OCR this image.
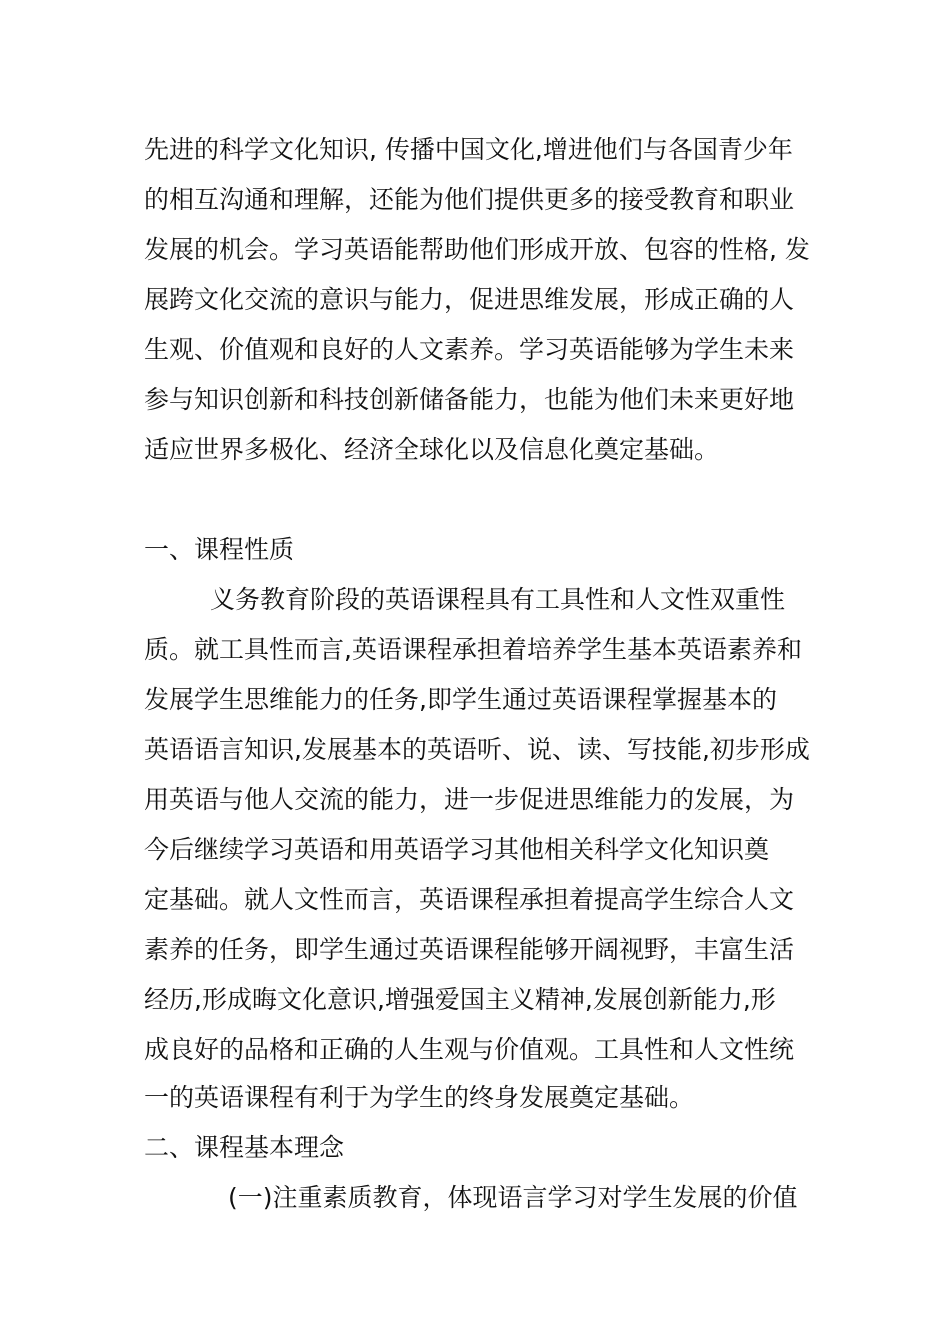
先进的科学文化知识, 传播中国文化,增进他们与各国青少年
的相互沟通和理解，还能为他们提供更多的接受教育和职业
发展的机会。学习英语能帮助他们形成开放、包容的性格, 发
展跨文化交流的意识与能力，促进思维发展，形成正确的人
生观、价值观和良好的人文素养。学习英语能够为学生未来
参与知识创新和科技创新储备能力，也能为他们未来更好地
适应世界多极化、经济全球化以及信息化奠定基础。
一、课程性质
义务教育阶段的英语课程具有工具性和人文性双重性
质。就工具性而言,英语课程承担着培养学生基本英语素养和
发展学生思维能力的任务,即学生通过英语课程掌握基本的
英语语言知识,发展基本的英语听、说、读、写技能,初步形成
用英语与他人交流的能力，进一步促进思维能力的发展，为
今后继续学习英语和用英语学习其他相关科学文化知识奠
定基础。就人文性而言，英语课程承担着提高学生综合人文
素养的任务，即学生通过英语课程能够开阔视野，丰富生活
经历,形成晦文化意识,增强爱国主义精神,发展创新能力,形
成良好的品格和正确的人生观与价值观。工具性和人文性统
一的英语课程有利于为学生的终身发展奠定基础。
二、课程基本理念
(一)注重素质教育，体现语言学习对学生发展的价值
